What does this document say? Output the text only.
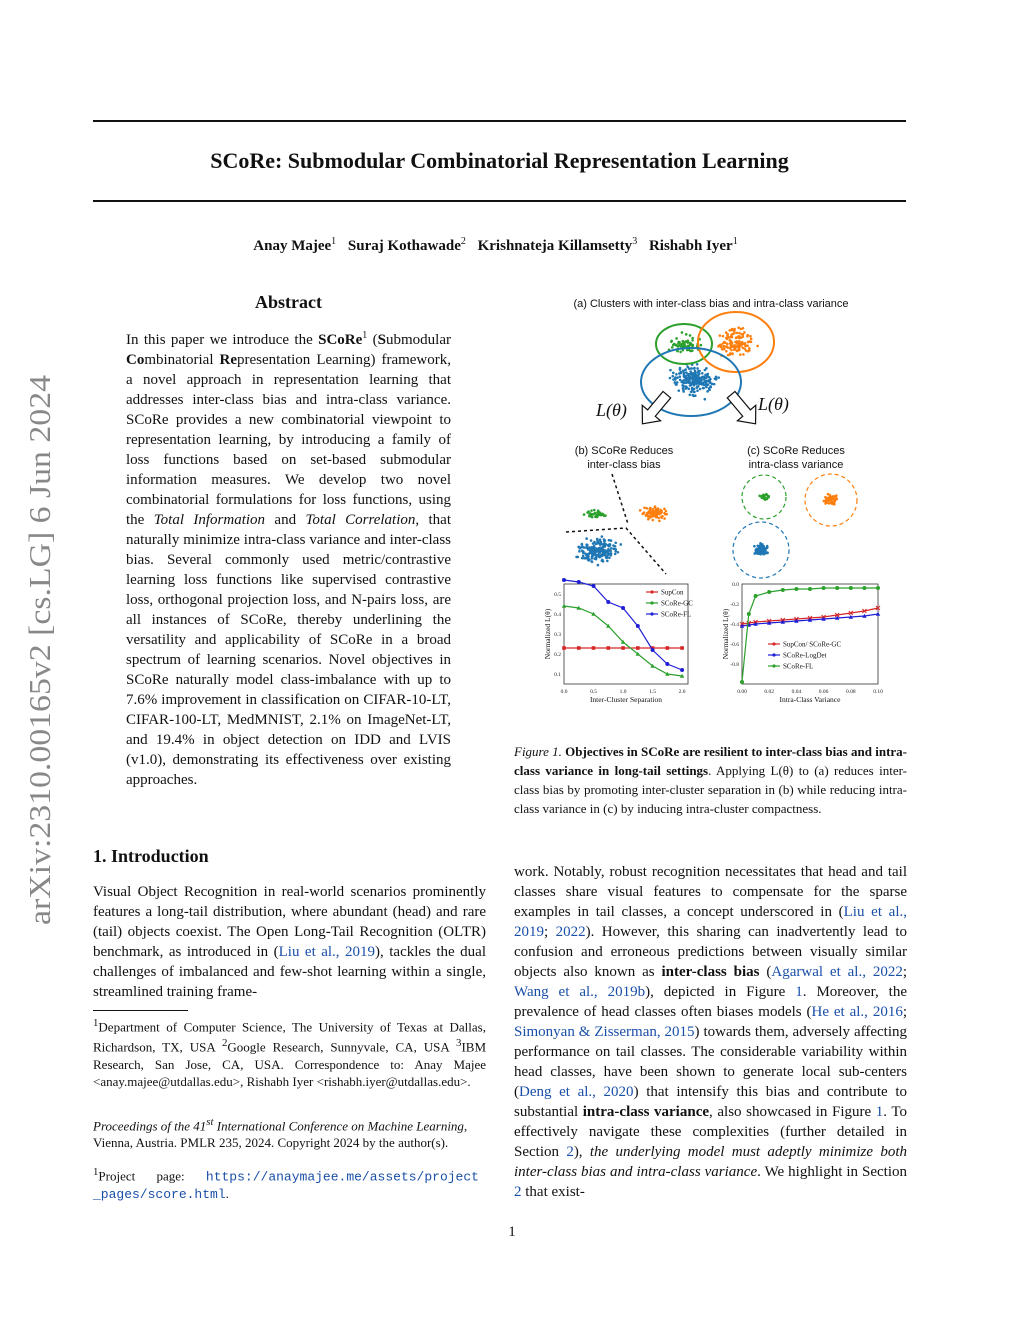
SCoRe: Submodular Combinatorial Representation Learning
Anay Majee$^1$ Suraj Kothawade$^2$ Krishnateja Killamsetty$^3$ Rishabh Iyer$^1$
arXiv:2310.00165v2 [cs.LG] 6 Jun 2024
Abstract
In this paper we introduce the SCoRe$^1$ (Submodular Combinatorial Representation Learning) framework, a novel approach in representation learning that addresses inter-class bias and intra-class variance. SCoRe provides a new combinatorial viewpoint to representation learning, by introducing a family of loss functions based on set-based submodular information measures. We develop two novel combinatorial formulations for loss functions, using the Total Information and Total Correlation, that naturally minimize intra-class variance and inter-class bias. Several commonly used metric/contrastive learning loss functions like supervised contrastive loss, orthogonal projection loss, and N-pairs loss, are all instances of SCoRe, thereby underlining the versatility and applicability of SCoRe in a broad spectrum of learning scenarios. Novel objectives in SCoRe naturally model class-imbalance with up to 7.6% improvement in classification on CIFAR-10-LT, CIFAR-100-LT, MedMNIST, 2.1% on ImageNet-LT, and 19.4% in object detection on IDD and LVIS (v1.0), demonstrating its effectiveness over existing approaches.
1. Introduction
Visual Object Recognition in real-world scenarios prominently features a long-tail distribution, where abundant (head) and rare (tail) objects coexist. The Open Long-Tail Recognition (OLTR) benchmark, as introduced in (Liu et al., 2019), tackles the dual challenges of imbalanced and few-shot learning within a single, streamlined training frame-
$^1$Department of Computer Science, The University of Texas at Dallas, Richardson, TX, USA $^2$Google Research, Sunnyvale, CA, USA $^3$IBM Research, San Jose, CA, USA. Correspondence to: Anay Majee <anay.majee@utdallas.edu>, Rishabh Iyer <rishabh.iyer@utdallas.edu>.
Proceedings of the 41st International Conference on Machine Learning, Vienna, Austria. PMLR 235, 2024. Copyright 2024 by the author(s).
$^1$Project page: https://anaymajee.me/assets/project_pages/score.html.
(a) Clusters with inter-class bias and intra-class variance
L(θ)	L(θ)
(b) SCoRe Reduces
inter-class bias
(c) SCoRe Reduces
intra-class variance
0.0	0.5	1.0	1.5	2.0
0.1
0.2
0.3
0.4
0.5
Inter-Cluster Separation
Normalized L(θ)
SupCon
SCoRe-GC
SCoRe-FL
0.00	0.02	0.04	0.06	0.08	0.10
0.0
-0.2
-0.4
-0.6
-0.8
Intra-Class Variance
Normalized L(θ)	SupCon/ SCoRe-GC
SCoRe-LogDet
SCoRe-FL
Figure 1. Objectives in SCoRe are resilient to inter-class bias and intra-class variance in long-tail settings. Applying L(θ) to (a) reduces inter-class bias by promoting inter-cluster separation in (b) while reducing intra-class variance in (c) by inducing intra-cluster compactness.
work. Notably, robust recognition necessitates that head and tail classes share visual features to compensate for the sparse examples in tail classes, a concept underscored in (Liu et al., 2019; 2022). However, this sharing can inadvertently lead to confusion and erroneous predictions between visually similar objects also known as inter-class bias (Agarwal et al., 2022; Wang et al., 2019b), depicted in Figure 1. Moreover, the prevalence of head classes often biases models (He et al., 2016; Simonyan & Zisserman, 2015) towards them, adversely affecting performance on tail classes. The considerable variability within head classes, have been shown to generate local sub-centers (Deng et al., 2020) that intensify this bias and contribute to substantial intra-class variance, also showcased in Figure 1. To effectively navigate these complexities (further detailed in Section 2), the underlying model must adeptly minimize both inter-class bias and intra-class variance. We highlight in Section 2 that exist-
1
